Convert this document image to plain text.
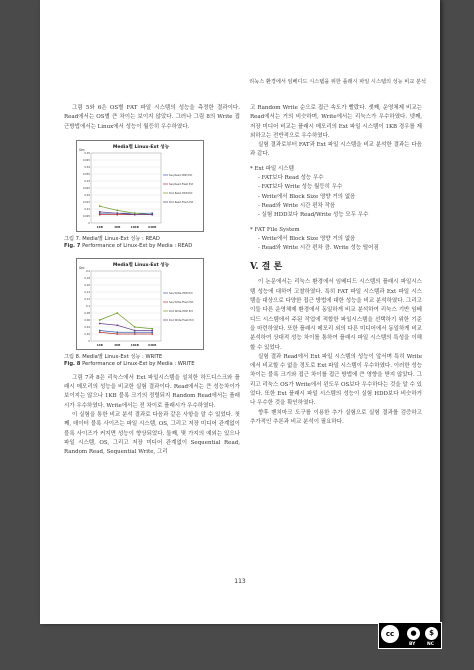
리눅스 환경에서 임베디드 시스템을 위한 플래시 파일 시스템의 성능 비교 분석

그림 5와 6은 OS별 FAT 파일 시스템의 성능을 측정한 결과이다. Read에서는 OS별 큰 차이는 보이지 않았다. 그러나 그림 8의 Write 접근방법에서는 Linux에서 성능이 월등히 우수하였다.

Media별 Linux-Ext 성능
Sec
0.05
0.045
0.04
0.035
0.03
0.025
0.02
0.015
0.01
0.005
0
1KB	4KB	16KB	64KB
Seq Read-HDD Ext
Seq Read-Flash Ext
Rnd Read-HDD Ext
Rnd Read-Flash Ext
그림 7. Media별 Linux-Ext 성능 : READ
Fig. 7 Performance of Linux-Ext by Media : READ
Media별 Linux-Ext 성능
Sec
0.2
0.18
0.16
0.14
0.12
0.1
0.08
0.06
0.04
0.02
0
1KB	4KB	16KB	64KB
Seq Write-HDD Ext
Seq Write-Flash Ext
Rnd Write-HDD Ext
Rnd Write-Flash Ext
그림 8. Media별 Linux-Ext 성능 : WRITE
Fig. 8 Performance of Linux-Ext by Media : WRITE

그림 7과 8은 리눅스에서 Ext 파일시스템을 설치한 하드디스크와 플래시 메모리의 성능을 비교한 실험 결과이다. Read에서는 큰 성능차이가 보이지는 않으나 1KB 블록 크기의 정렬되지 Random Read에서는 플래시가 우수하였다. Write에서는 전 차이로 플래시가 우수하였다.

이 실험을 통한 비교 분석 결과로 다음과 같은 사항을 알 수 있었다. 첫째, 데이터 블록 사이즈는 파일 시스템, OS, 그리고 저장 미디어 관계없이 블록 사이즈가 커지면 성능이 향상되었다. 둘째, 몇 가지의 예외는 있으나 파일 시스템, OS, 그리고 저장 미디어 관계없이 Sequential Read, Random Read, Sequential Write, 그리

고 Random Write 순으로 접근 속도가 빨랐다. 셋째, 운영체제 비교는 Read에서는 거의 비슷하며, Write에서는 리눅스가 우수하였다. 넷째, 저장 미디어 비교는 플래시 메모리의 Ext 파일 시스템이 1KB 경우를 제외하고는 전반적으로 우수하였다.

실험 결과로부터 FAT과 Ext 파일 시스템을 비교 분석한 결과는 다음과 같다.

* Ext 파일 시스템
- FAT보다 Read 성능 우수
- FAT보다 Write 성능 월등히 우수
- Write에서 Block Size 영향 거의 없음
- Read와 Write 시간 편차 작음
- 실험 HDD보다 Read/Write 성능 모두 우수
* FAT File System
- Write에서 Block Size 영향 거의 없음
- Read와 Write 시간 편차 큼. Write 성능 떨어짐
V. 결 론

이 논문에서는 리눅스 환경에서 임베디드 시스템의 플래시 파일시스템 성능에 대하여 고찰하였다. 특히 FAT 파일 시스템과 Ext 파일 시스템을 대상으로 다양한 접근 방법에 대한 성능을 비교 분석하였다. 그리고 이들 다른 운영체제 환경에서 동일하게 비교 분석하여 리눅스 기반 임베디드 시스템에서 주된 작업에 적합한 파일시스템을 선택하기 위한 기준을 마련하였다. 또한 플래시 메모리 외의 다른 미디어에서 동일하게 비교 분석하여 상대적 성능 차이를 통하여 플래시 파일 시스템의 특성을 이해할 수 있었다.

실험 결과 Read에서 Ext 파일 시스템의 성능이 앞서며 특히 Write에서 비교할 수 없을 정도로 Ext 파일 시스템이 우수하였다. 이러한 성능 차이는 블록 크기와 접근 차이를 접근 방법에 큰 영향을 받지 않았다. 그리고 리눅스 OS가 Write에서 윈도우 OS보다 우수하다는 것을 알 수 있었다. 또한 Ext 플래시 파일 시스템의 성능이 실험 HDD보다 비슷하거나 우수한 것을 확인하였다.

향후 벤치마크 도구를 이용한 추가 실험으로 실험 결과를 검증하고 추가적인 추론과 비교 분석이 필요하다.

113
cc	●	$
BY	NC
